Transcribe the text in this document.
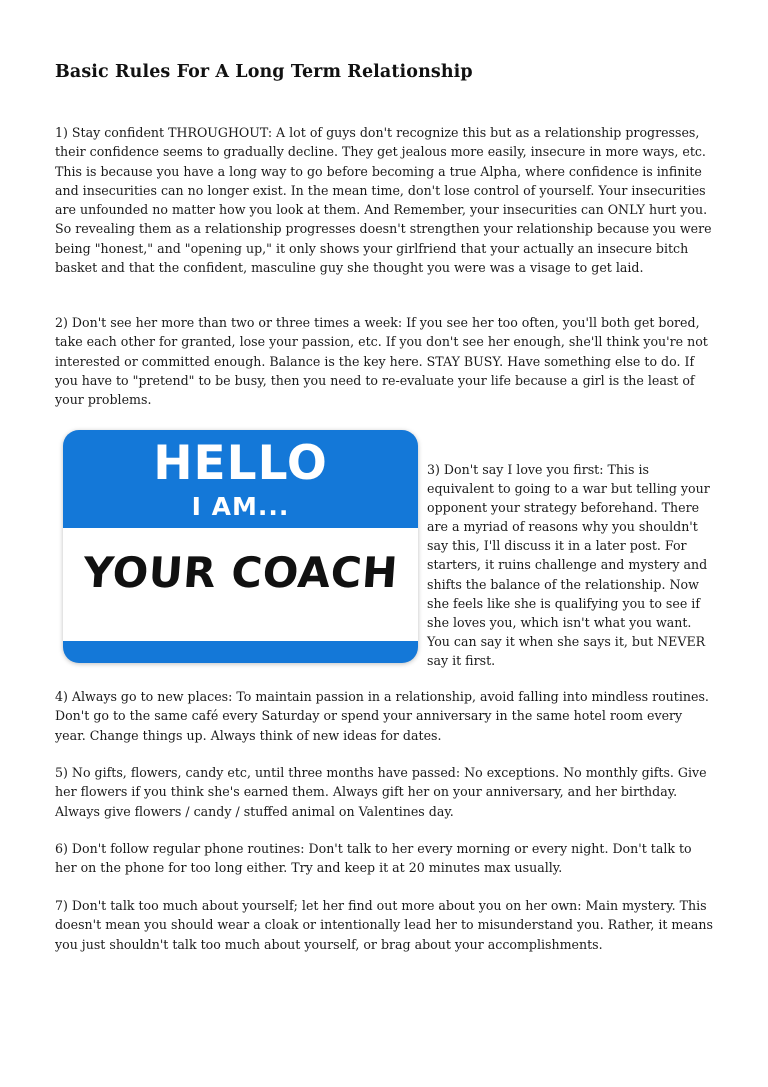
Basic Rules For A Long Term Relationship

1) Stay confident THROUGHOUT: A lot of guys don't recognize this but as a relationship progresses, their confidence seems to gradually decline. They get jealous more easily, insecure in more ways, etc. This is because you have a long way to go before becoming a true Alpha, where confidence is infinite and insecurities can no longer exist. In the mean time, don't lose control of yourself. Your insecurities are unfounded no matter how you look at them. And Remember, your insecurities can ONLY hurt you. So revealing them as a relationship progresses doesn't strengthen your relationship because you were being "honest," and "opening up," it only shows your girlfriend that your actually an insecure bitch basket and that the confident, masculine guy she thought you were was a visage to get laid.

2) Don't see her more than two or three times a week: If you see her too often, you'll both get bored, take each other for granted, lose your passion, etc. If you don't see her enough, she'll think you're not interested or committed enough. Balance is the key here. STAY BUSY. Have something else to do. If you have to "pretend" to be busy, then you need to re-evaluate your life because a girl is the least of your problems.

HELLO
I AM...
YOUR COACH

3) Don't say I love you first: This is equivalent to going to a war but telling your opponent your strategy beforehand. There are a myriad of reasons why you shouldn't say this, I'll discuss it in a later post. For starters, it ruins challenge and mystery and shifts the balance of the relationship. Now she feels like she is qualifying you to see if she loves you, which isn't what you want. You can say it when she says it, but NEVER say it first.

4) Always go to new places: To maintain passion in a relationship, avoid falling into mindless routines. Don't go to the same café every Saturday or spend your anniversary in the same hotel room every year. Change things up. Always think of new ideas for dates.

5) No gifts, flowers, candy etc, until three months have passed: No exceptions. No monthly gifts. Give her flowers if you think she's earned them. Always gift her on your anniversary, and her birthday. Always give flowers / candy / stuffed animal on Valentines day.

6) Don't follow regular phone routines: Don't talk to her every morning or every night. Don't talk to her on the phone for too long either. Try and keep it at 20 minutes max usually.

7) Don't talk too much about yourself; let her find out more about you on her own: Main mystery. This doesn't mean you should wear a cloak or intentionally lead her to misunderstand you. Rather, it means you just shouldn't talk too much about yourself, or brag about your accomplishments.
